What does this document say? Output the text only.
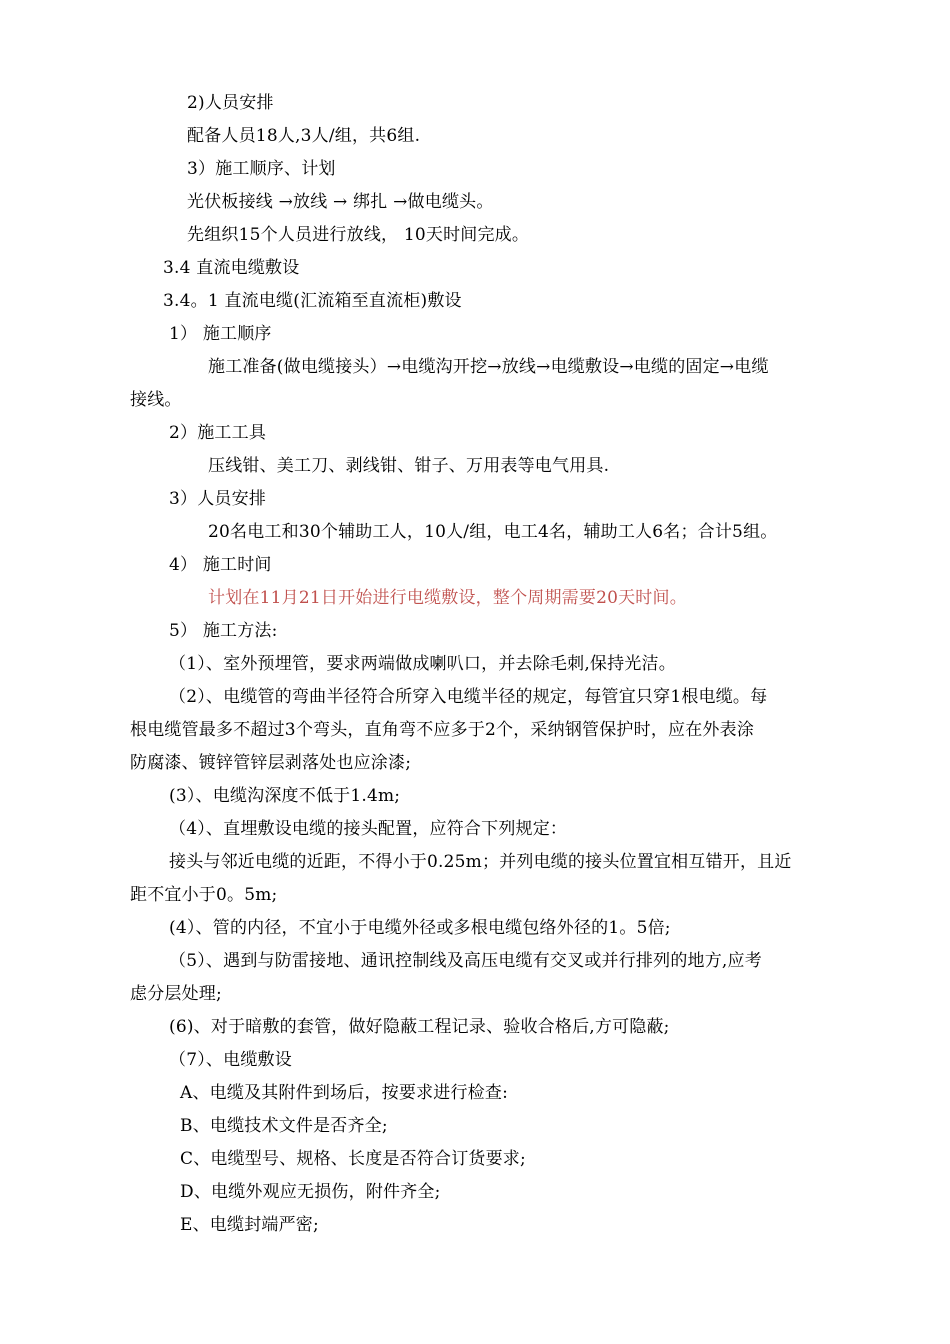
2)人员安排
配备人员18人,3人/组，共6组.
3）施工顺序、计划
光伏板接线 →放线 → 绑扎 →做电缆头。
先组织15个人员进行放线， 10天时间完成。
3.4 直流电缆敷设
3.4。1 直流电缆(汇流箱至直流柜)敷设
1） 施工顺序
施工准备(做电缆接头）→电缆沟开挖→放线→电缆敷设→电缆的固定→电缆
接线。
2）施工工具
压线钳、美工刀、剥线钳、钳子、万用表等电气用具.
3）人员安排
20名电工和30个辅助工人，10人/组，电工4名，辅助工人6名；合计5组。
4） 施工时间
计划在11月21日开始进行电缆敷设，整个周期需要20天时间。
5） 施工方法:
（1）、室外预埋管，要求两端做成喇叭口，并去除毛刺,保持光洁。
（2）、电缆管的弯曲半径符合所穿入电缆半径的规定，每管宜只穿1根电缆。每
根电缆管最多不超过3个弯头，直角弯不应多于2个，采纳钢管保护时，应在外表涂
防腐漆、镀锌管锌层剥落处也应涂漆;
(3）、电缆沟深度不低于1.4m;
（4）、直埋敷设电缆的接头配置，应符合下列规定：
接头与邻近电缆的近距，不得小于0.25m；并列电缆的接头位置宜相互错开，且近
距不宜小于0。5m;
(4）、管的内径，不宜小于电缆外径或多根电缆包络外径的1。5倍;
（5）、遇到与防雷接地、通讯控制线及高压电缆有交叉或并行排列的地方,应考
虑分层处理;
(6)、对于暗敷的套管，做好隐蔽工程记录、验收合格后,方可隐蔽;
（7）、电缆敷设
A、电缆及其附件到场后，按要求进行检查:
B、电缆技术文件是否齐全;
C、电缆型号、规格、长度是否符合订货要求;
D、电缆外观应无损伤，附件齐全;
E、电缆封端严密;
